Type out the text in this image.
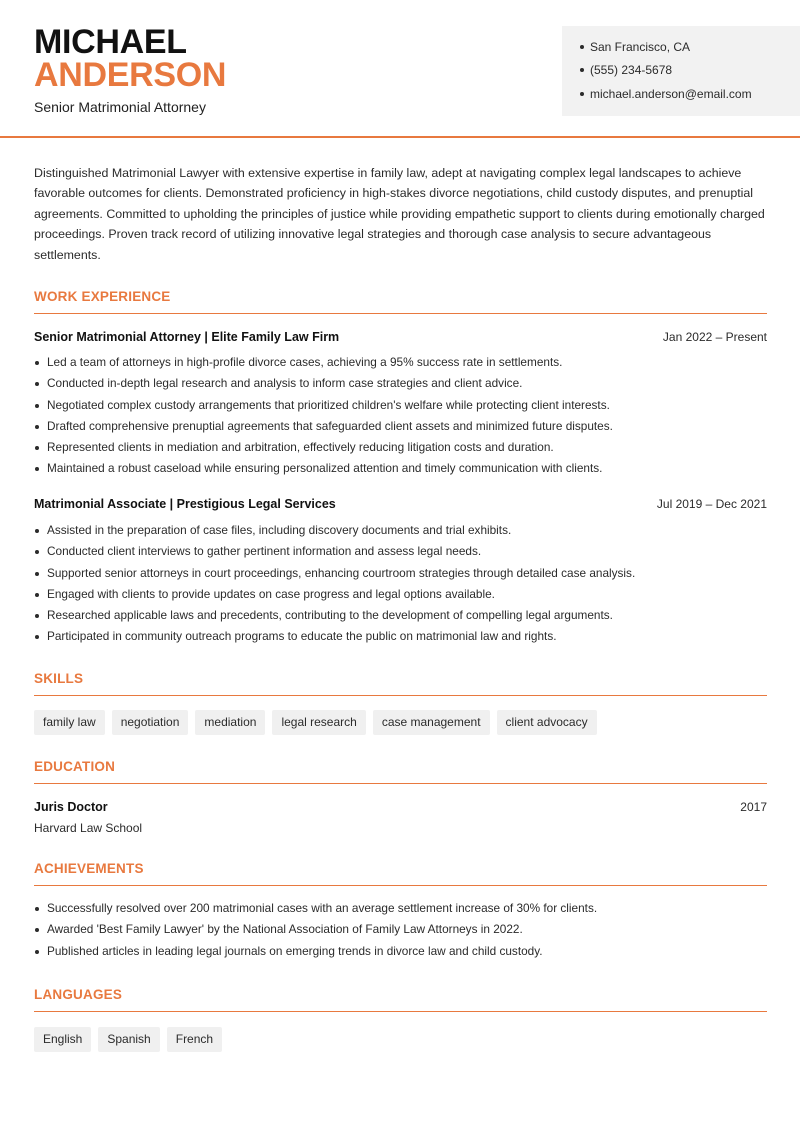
MICHAEL
ANDERSON
Senior Matrimonial Attorney
San Francisco, CA
(555) 234-5678
michael.anderson@email.com
Distinguished Matrimonial Lawyer with extensive expertise in family law, adept at navigating complex legal landscapes to achieve favorable outcomes for clients. Demonstrated proficiency in high-stakes divorce negotiations, child custody disputes, and prenuptial agreements. Committed to upholding the principles of justice while providing empathetic support to clients during emotionally charged proceedings. Proven track record of utilizing innovative legal strategies and thorough case analysis to secure advantageous settlements.
WORK EXPERIENCE
Senior Matrimonial Attorney | Elite Family Law Firm	Jan 2022 – Present
Led a team of attorneys in high-profile divorce cases, achieving a 95% success rate in settlements.
Conducted in-depth legal research and analysis to inform case strategies and client advice.
Negotiated complex custody arrangements that prioritized children's welfare while protecting client interests.
Drafted comprehensive prenuptial agreements that safeguarded client assets and minimized future disputes.
Represented clients in mediation and arbitration, effectively reducing litigation costs and duration.
Maintained a robust caseload while ensuring personalized attention and timely communication with clients.
Matrimonial Associate | Prestigious Legal Services	Jul 2019 – Dec 2021
Assisted in the preparation of case files, including discovery documents and trial exhibits.
Conducted client interviews to gather pertinent information and assess legal needs.
Supported senior attorneys in court proceedings, enhancing courtroom strategies through detailed case analysis.
Engaged with clients to provide updates on case progress and legal options available.
Researched applicable laws and precedents, contributing to the development of compelling legal arguments.
Participated in community outreach programs to educate the public on matrimonial law and rights.
SKILLS
family law	negotiation	mediation	legal research	case management	client advocacy
EDUCATION
Juris Doctor	2017
Harvard Law School
ACHIEVEMENTS
Successfully resolved over 200 matrimonial cases with an average settlement increase of 30% for clients.
Awarded 'Best Family Lawyer' by the National Association of Family Law Attorneys in 2022.
Published articles in leading legal journals on emerging trends in divorce law and child custody.
LANGUAGES
English	Spanish	French
